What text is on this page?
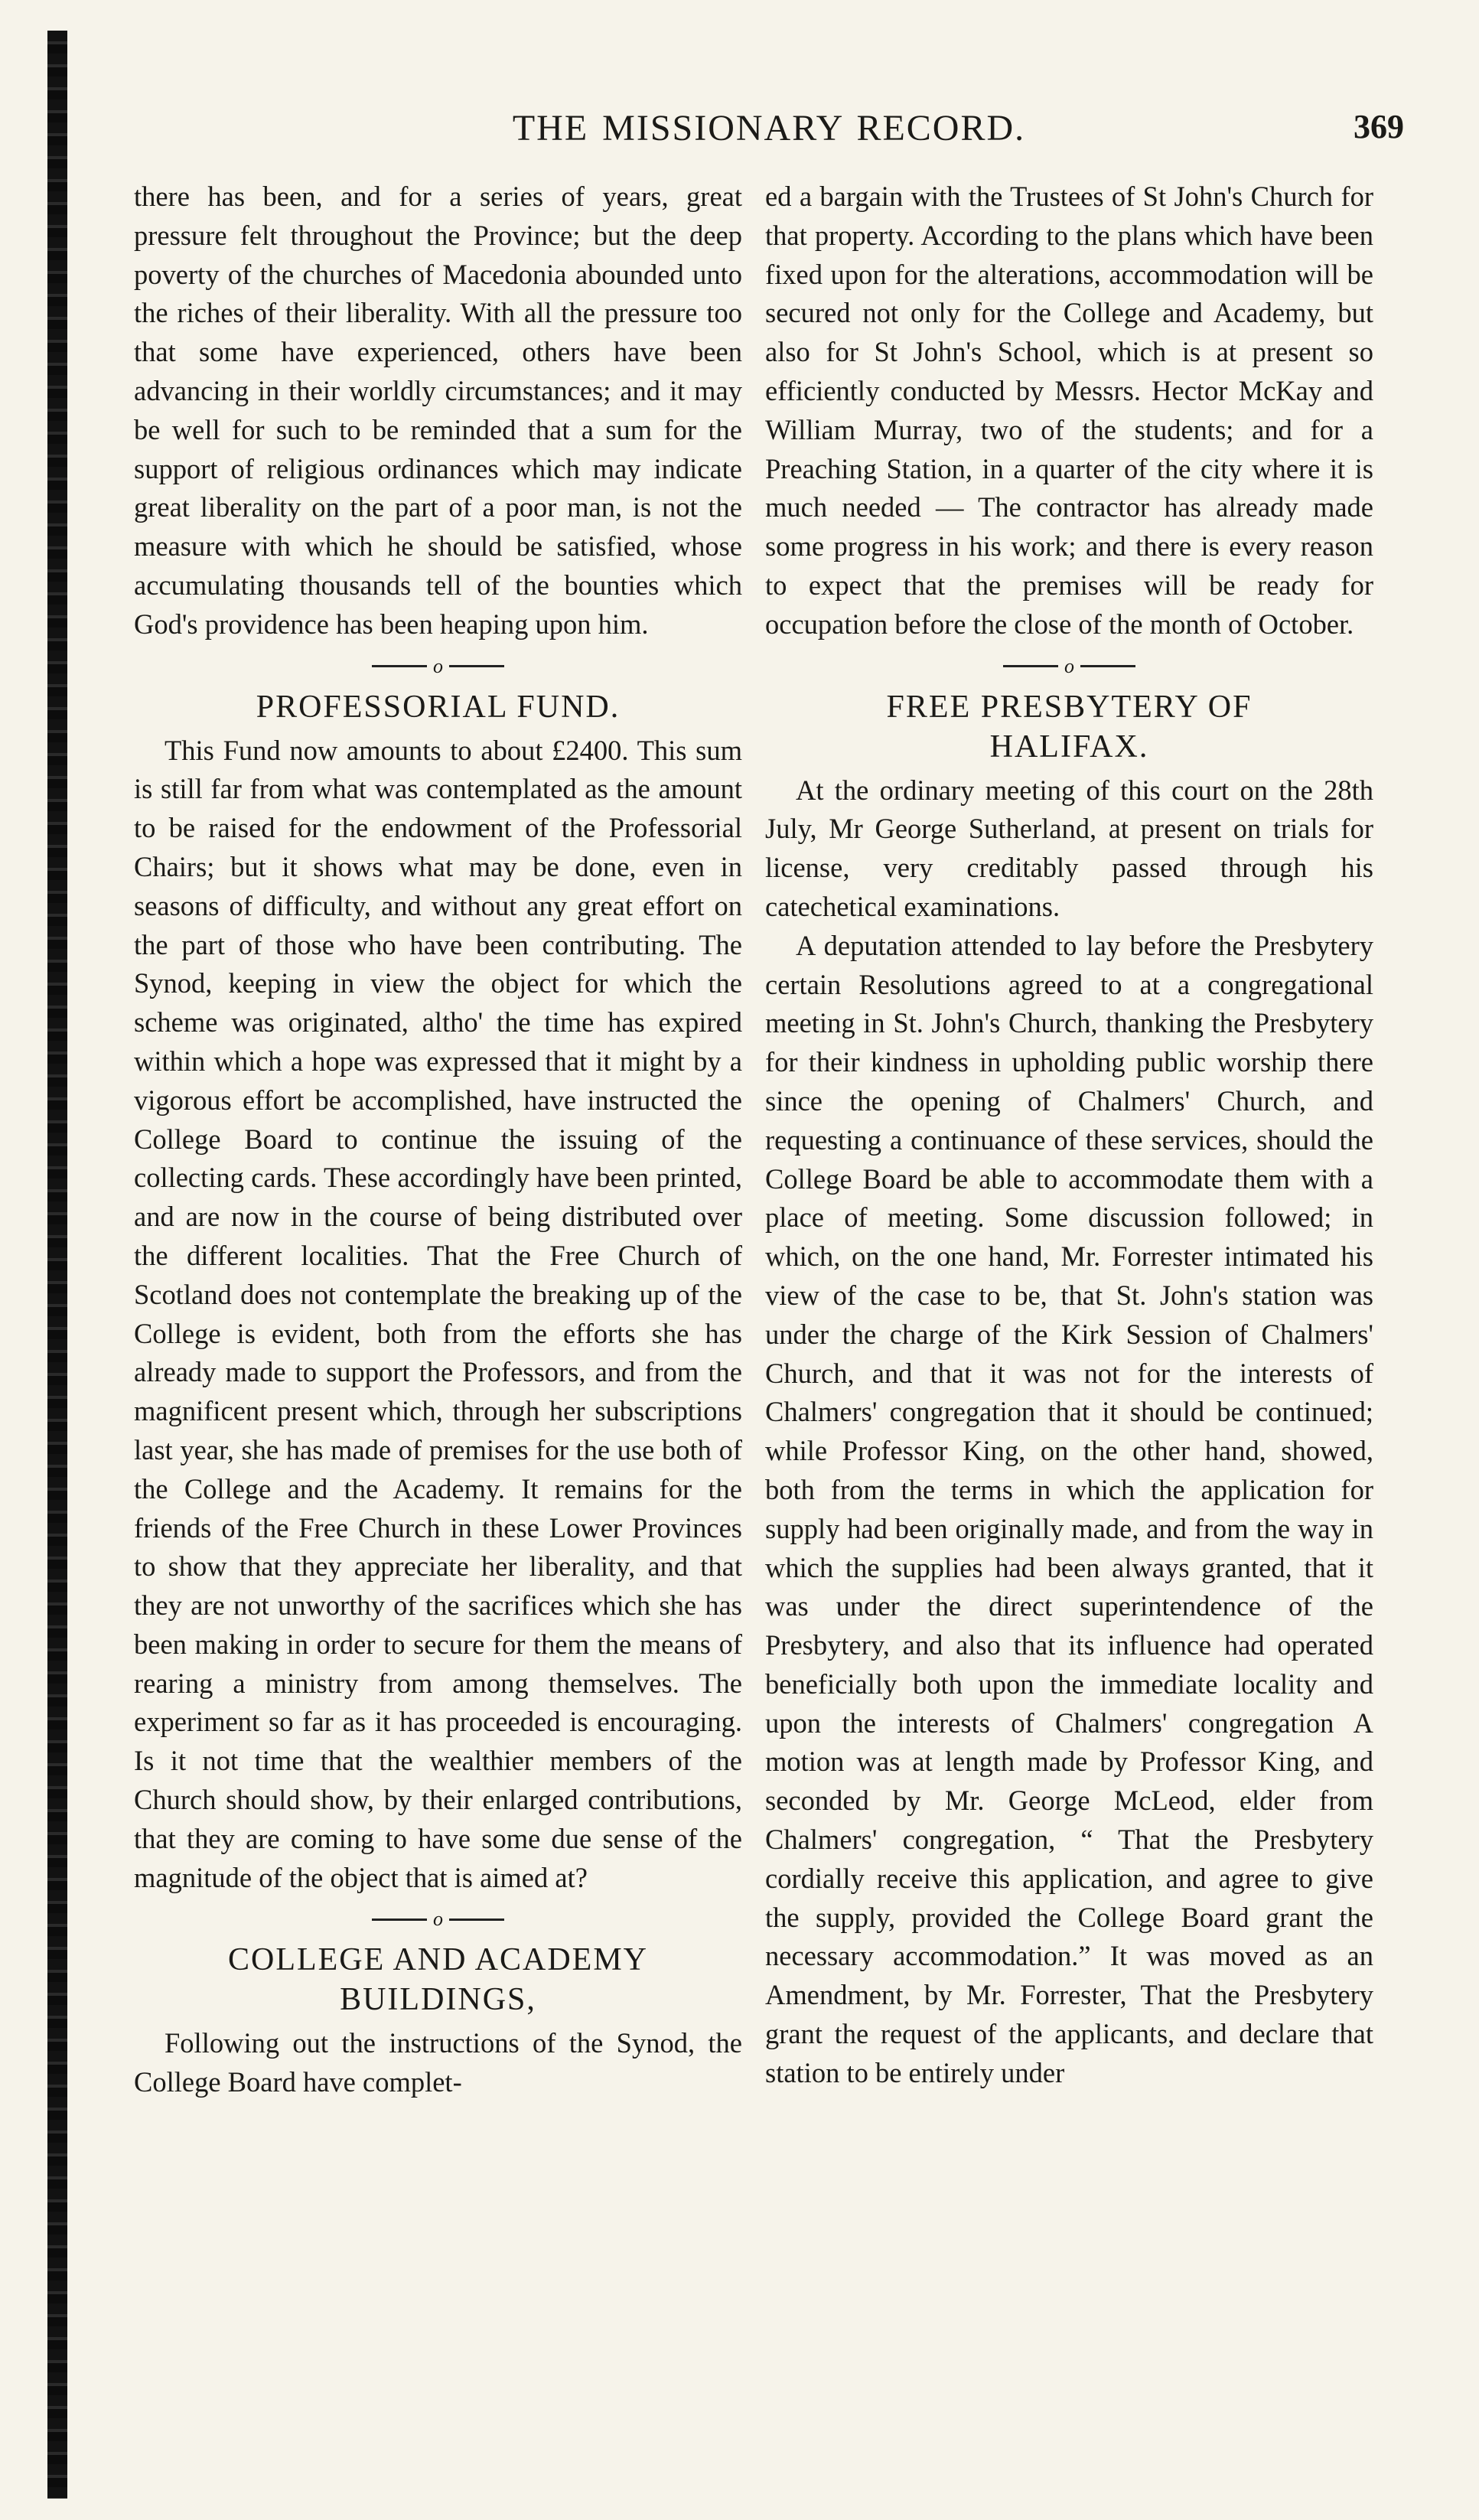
THE MISSIONARY RECORD.	369

there has been, and for a series of years, great pressure felt throughout the Province; but the deep poverty of the churches of Macedonia abounded unto the riches of their liberality. With all the pressure too that some have experienced, others have been advancing in their worldly circumstances; and it may be well for such to be reminded that a sum for the support of religious ordinances which may indicate great liberality on the part of a poor man, is not the measure with which he should be satisfied, whose accumulating thousands tell of the bounties which God's providence has been heaping upon him.

o
PROFESSORIAL FUND.

This Fund now amounts to about £2400. This sum is still far from what was contemplated as the amount to be raised for the endowment of the Professorial Chairs; but it shows what may be done, even in seasons of difficulty, and without any great effort on the part of those who have been contributing. The Synod, keeping in view the object for which the scheme was originated, altho' the time has expired within which a hope was expressed that it might by a vigorous effort be accomplished, have instructed the College Board to continue the issuing of the collecting cards. These accordingly have been printed, and are now in the course of being distributed over the different localities. That the Free Church of Scotland does not contemplate the breaking up of the College is evident, both from the efforts she has already made to support the Professors, and from the magnificent present which, through her subscriptions last year, she has made of premises for the use both of the College and the Academy. It remains for the friends of the Free Church in these Lower Provinces to show that they appreciate her liberality, and that they are not unworthy of the sacrifices which she has been making in order to secure for them the means of rearing a ministry from among themselves. The experiment so far as it has proceeded is encouraging. Is it not time that the wealthier members of the Church should show, by their enlarged contributions, that they are coming to have some due sense of the magnitude of the object that is aimed at?

o
COLLEGE AND ACADEMY
BUILDINGS,

Following out the instructions of the Synod, the College Board have complet-

ed a bargain with the Trustees of St John's Church for that property. According to the plans which have been fixed upon for the alterations, accommodation will be secured not only for the College and Academy, but also for St John's School, which is at present so efficiently conducted by Messrs. Hector McKay and William Murray, two of the students; and for a Preaching Station, in a quarter of the city where it is much needed — The contractor has already made some progress in his work; and there is every reason to expect that the premises will be ready for occupation before the close of the month of October.

o
FREE PRESBYTERY OF
HALIFAX.

At the ordinary meeting of this court on the 28th July, Mr George Sutherland, at present on trials for license, very creditably passed through his catechetical examinations.

A deputation attended to lay before the Presbytery certain Resolutions agreed to at a congregational meeting in St. John's Church, thanking the Presbytery for their kindness in upholding public worship there since the opening of Chalmers' Church, and requesting a continuance of these services, should the College Board be able to accommodate them with a place of meeting. Some discussion followed; in which, on the one hand, Mr. Forrester intimated his view of the case to be, that St. John's station was under the charge of the Kirk Session of Chalmers' Church, and that it was not for the interests of Chalmers' congregation that it should be continued; while Professor King, on the other hand, showed, both from the terms in which the application for supply had been originally made, and from the way in which the supplies had been always granted, that it was under the direct superintendence of the Presbytery, and also that its influence had operated beneficially both upon the immediate locality and upon the interests of Chalmers' congregation A motion was at length made by Professor King, and seconded by Mr. George McLeod, elder from Chalmers' congregation, “ That the Presbytery cordially receive this application, and agree to give the supply, provided the College Board grant the necessary accommodation.” It was moved as an Amendment, by Mr. Forrester, That the Presbytery grant the request of the applicants, and declare that station to be entirely under
